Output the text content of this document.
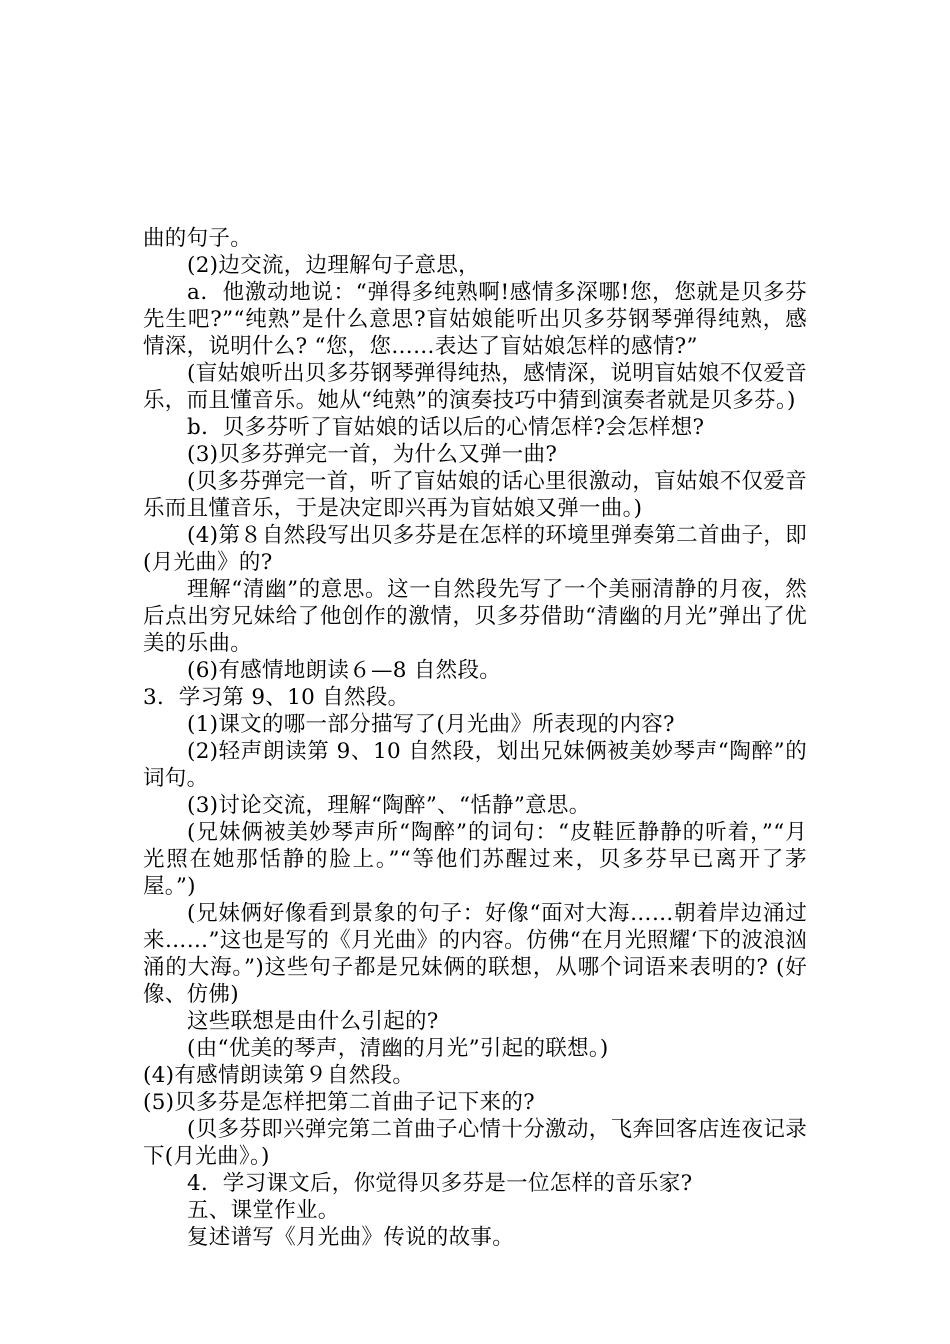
曲的句子。

(2)边交流，边理解句子意思，

a．他激动地说：“弹得多纯熟啊!感情多深哪!您，您就是贝多芬先生吧?”“纯熟”是什么意思?盲姑娘能听出贝多芬钢琴弹得纯熟，感情深，说明什么? “您，您……表达了盲姑娘怎样的感情?”

(盲姑娘听出贝多芬钢琴弹得纯热，感情深，说明盲姑娘不仅爱音乐，而且懂音乐。她从“纯熟”的演奏技巧中猜到演奏者就是贝多芬。)

b．贝多芬听了盲姑娘的话以后的心情怎样?会怎样想?

(3)贝多芬弹完一首，为什么又弹一曲?

(贝多芬弹完一首，听了盲姑娘的话心里很激动，盲姑娘不仅爱音乐而且懂音乐，于是决定即兴再为盲姑娘又弹一曲。)

(4)第８自然段写出贝多芬是在怎样的环境里弹奏第二首曲子，即(月光曲》的?

理解“清幽”的意思。这一自然段先写了一个美丽清静的月夜，然后点出穷兄妹给了他创作的激情，贝多芬借助“清幽的月光”弹出了优美的乐曲。

(6)有感情地朗读６—8 自然段。

3．学习第 9、10 自然段。

(1)课文的哪一部分描写了(月光曲》所表现的内容?

(2)轻声朗读第 9、10 自然段，划出兄妹俩被美妙琴声“陶醉”的词句。

(3)讨论交流，理解“陶醉”、“恬静”意思。

(兄妹俩被美妙琴声所“陶醉”的词句：“皮鞋匠静静的听着，”“月光照在她那恬静的脸上。”“等他们苏醒过来，贝多芬早已离开了茅屋。”)

(兄妹俩好像看到景象的句子：好像“面对大海……朝着岸边涌过来……”这也是写的《月光曲》的内容。仿佛“在月光照耀‘下的波浪汹涌的大海。”)这些句子都是兄妹俩的联想，从哪个词语来表明的? (好像、仿佛)

这些联想是由什么引起的?

(由“优美的琴声，清幽的月光”引起的联想。)

(4)有感情朗读第９自然段。

(5)贝多芬是怎样把第二首曲子记下来的?

(贝多芬即兴弹完第二首曲子心情十分激动，飞奔回客店连夜记录下(月光曲》。)

4．学习课文后，你觉得贝多芬是一位怎样的音乐家?

五、课堂作业。

复述谱写《月光曲》传说的故事。
